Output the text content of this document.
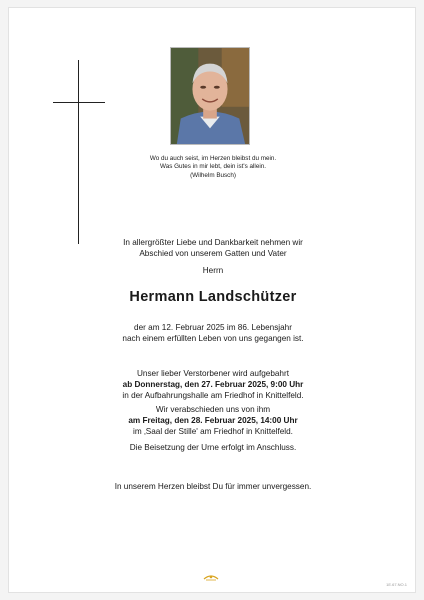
Wo du auch seist, im Herzen bleibst du mein.
Was Gutes in mir lebt, dein ist's allein.
(Wilhelm Busch)
In allergrößter Liebe und Dankbarkeit nehmen wir
Abschied von unserem Gatten und Vater
Herrn
Hermann Landschützer
der am 12. Februar 2025 im 86. Lebensjahr
nach einem erfüllten Leben von uns gegangen ist.
Unser lieber Verstorbener wird aufgebahrt
ab Donnerstag, den 27. Februar 2025, 9:00 Uhr
in der Aufbahrungshalle am Friedhof in Knittelfeld.
Wir verabschieden uns von ihm
am Freitag, den 28. Februar 2025, 14:00 Uhr
im ‚Saal der Stille' am Friedhof in Knittelfeld.
Die Beisetzung der Urne erfolgt im Anschluss.
In unserem Herzen bleibst Du für immer unvergessen.
1E.67.NO.1
